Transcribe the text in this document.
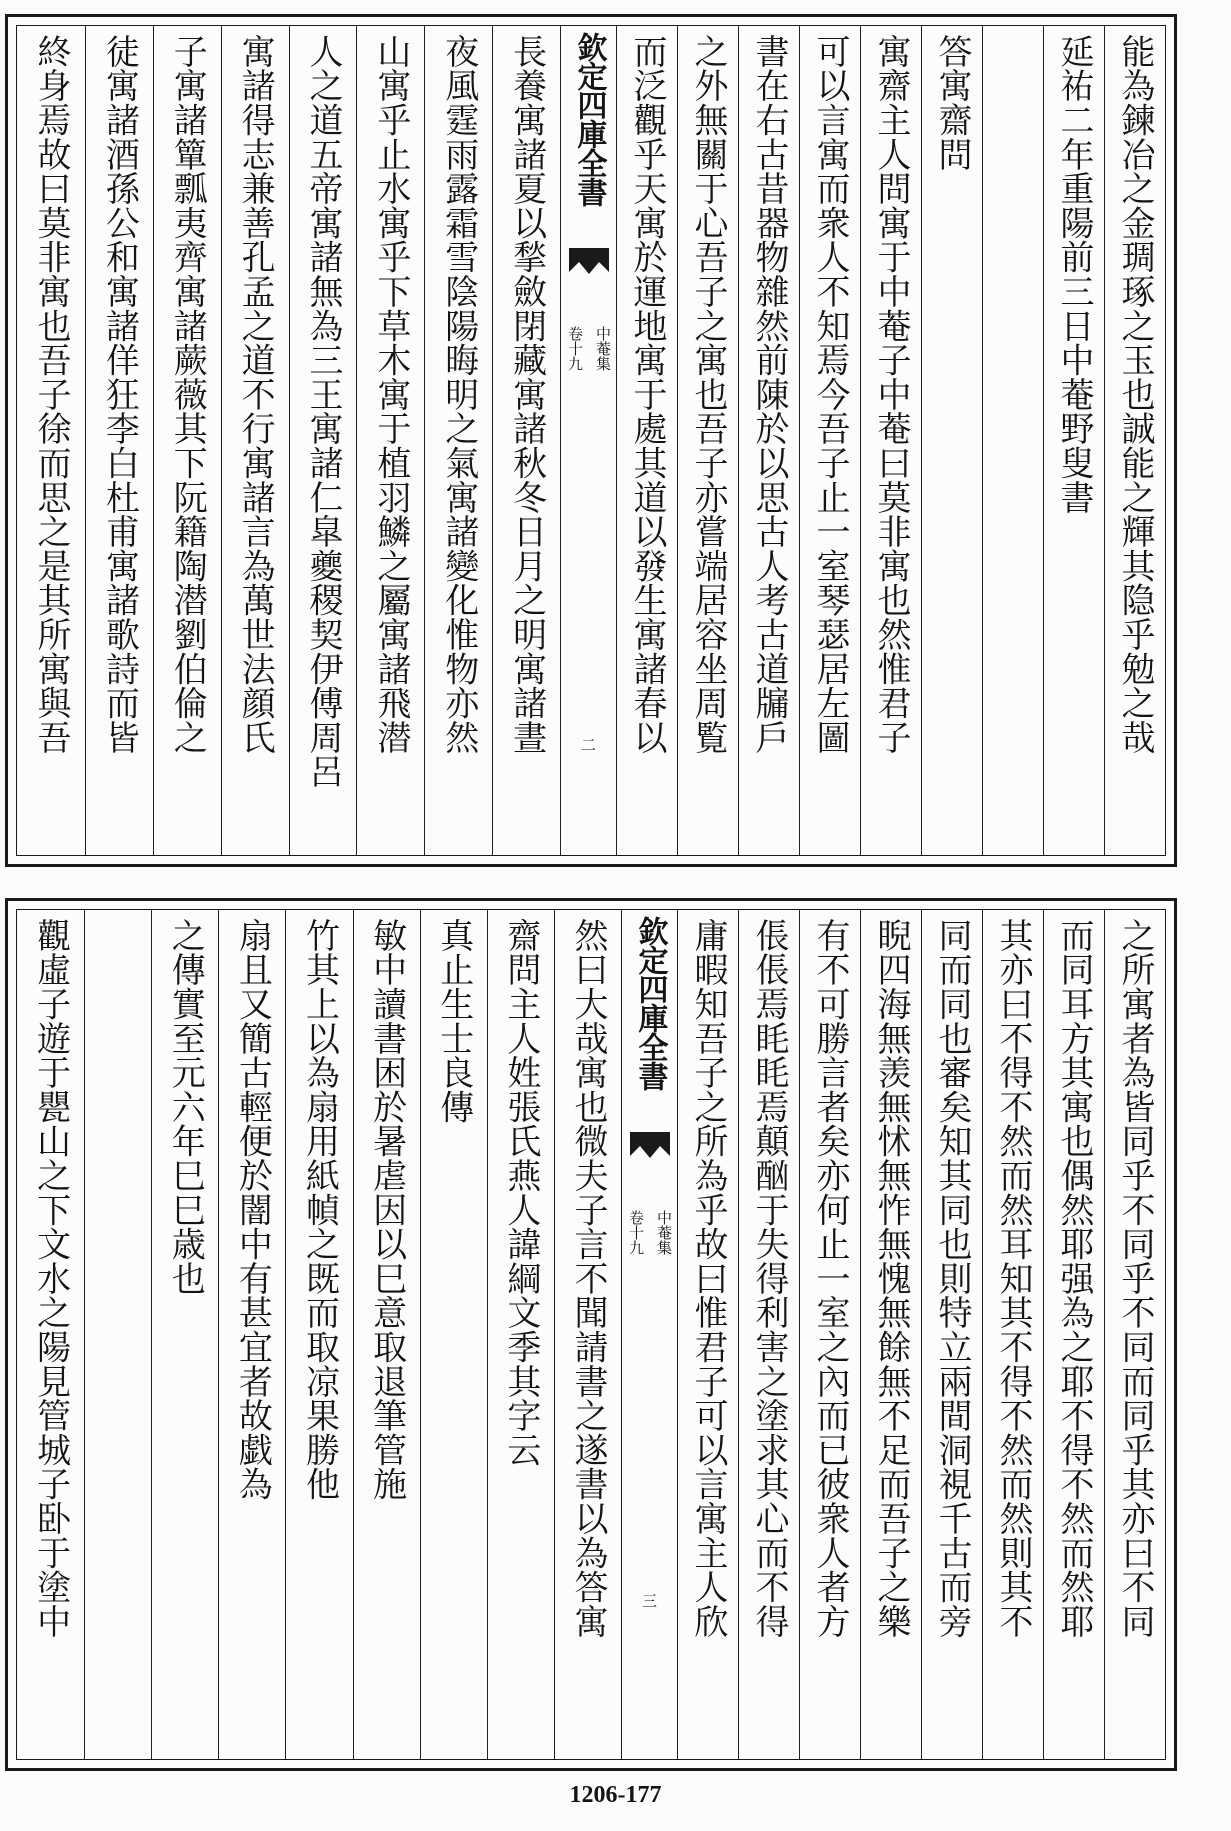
能為鍊冶之金琱琢之玉也誠能之輝其隐乎勉之哉
延祐二年重陽前三日中菴野叟書
答寓齋問
寓齋主人問寓于中菴子中菴曰莫非寓也然惟君子
可以言寓而衆人不知焉今吾子止一室琴瑟居左圖
書在右古昔器物雜然前陳於以思古人考古道牖戶
之外無關于心吾子之寓也吾子亦嘗端居容坐周覧
而泛觀乎天寓於運地寓于處其道以發生寓諸春以
欽定四庫全書
中菴集
卷十九
二
長養寓諸夏以揫斂閉藏寓諸秋冬日月之明寓諸晝
夜風霆雨露霜雪陰陽晦明之氣寓諸變化惟物亦然
山寓乎止水寓乎下草木寓于植羽鱗之屬寓諸飛潜
人之道五帝寓諸無為三王寓諸仁皐夔稷契伊傅周呂
寓諸得志兼善孔孟之道不行寓諸言為萬世法顔氏
子寓諸簞瓢夷齊寓諸蕨薇其下阮籍陶潜劉伯倫之
徒寓諸酒孫公和寓諸佯狂李白杜甫寓諸歌詩而皆
終身焉故曰莫非寓也吾子徐而思之是其所寓與吾
之所寓者為皆同乎不同乎不同而同乎其亦曰不同
而同耳方其寓也偶然耶强為之耶不得不然而然耶
其亦曰不得不然而然耳知其不得不然而然則其不
同而同也審矣知其同也則特立兩間洞視千古而旁
睨四海無羡無怵無怍無愧無餘無不足而吾子之樂
有不可勝言者矣亦何止一室之內而已彼衆人者方
倀倀焉眊眊焉顛酗于失得利害之塗求其心而不得
庸暇知吾子之所為乎故曰惟君子可以言寓主人欣
欽定四庫全書
中菴集
卷十九
三
然曰大哉寓也微夫子言不聞請書之遂書以為答寓
齋問主人姓張氏燕人諱綱文季其字云
真止生士良傳
敏中讀書困於暑虐因以巳意取退筆管施
竹其上以為扇用紙幀之既而取凉果勝他
扇且又簡古輕便於闇中有甚宜者故戯為
之傳實至元六年巳巳歳也
觀虛子遊于甖山之下文水之陽見管城子卧于塗中
1206-177
